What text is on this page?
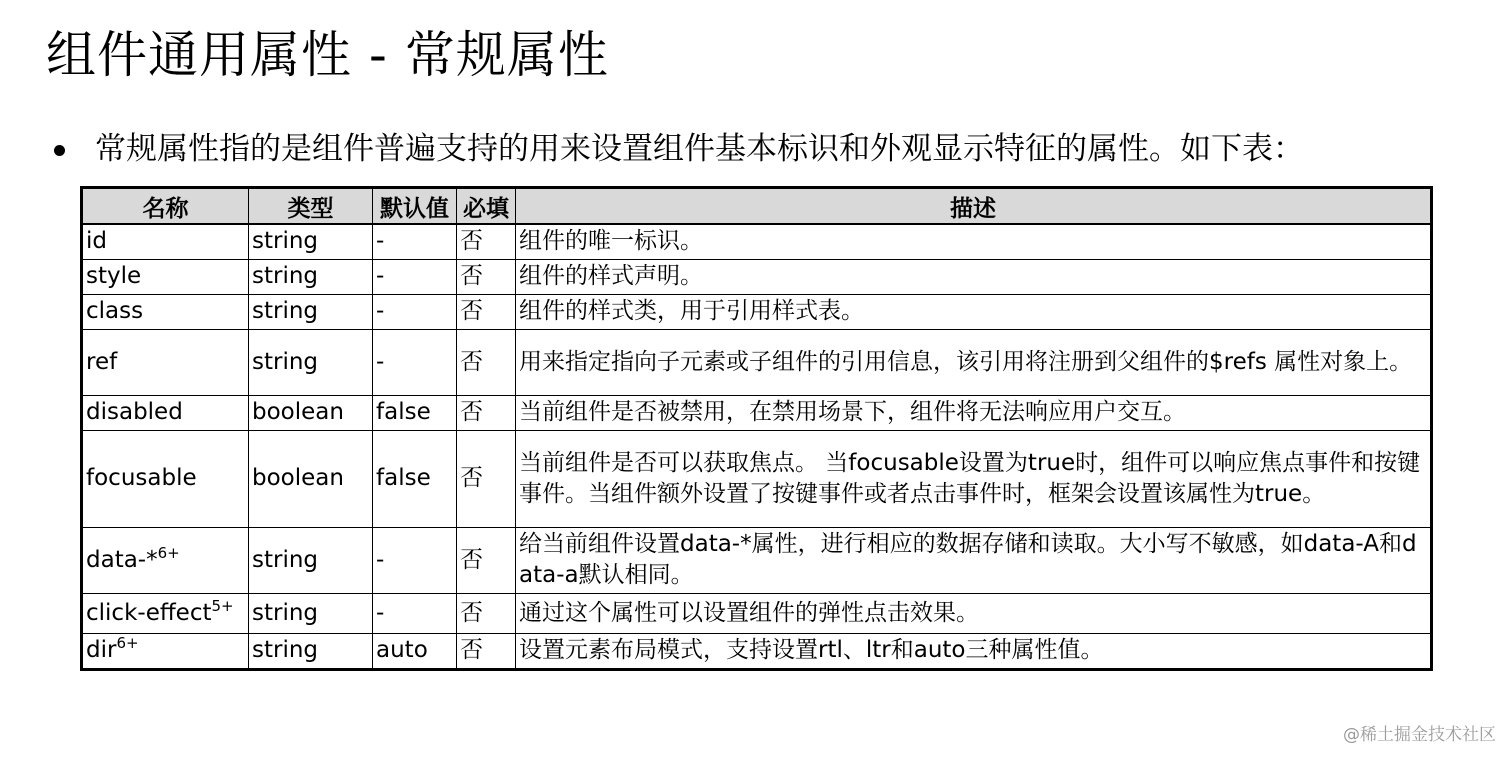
组件通用属性 - 常规属性
常规属性指的是组件普遍支持的用来设置组件基本标识和外观显示特征的属性。如下表：
名称	类型	默认值	必填	描述
id	string	-	否	组件的唯一标识。
style	string	-	否	组件的样式声明。
class	string	-	否	组件的样式类，用于引用样式表。
ref	string	-	否	用来指定指向子元素或子组件的引用信息，该引用将注册到父组件的$refs 属性对象上。
disabled	boolean	false	否	当前组件是否被禁用，在禁用场景下，组件将无法响应用户交互。
focusable	boolean	false	否	当前组件是否可以获取焦点。 当focusable设置为true时，组件可以响应焦点事件和按键事件。当组件额外设置了按键事件或者点击事件时，框架会设置该属性为true。
data-*$^{6+}$	string	-	否	给当前组件设置data-*属性，进行相应的数据存储和读取。大小写不敏感，如data-A和data-a默认相同。
click-effect$^{5+}$	string	-	否	通过这个属性可以设置组件的弹性点击效果。
dir$^{6+}$	string	auto	否	设置元素布局模式，支持设置rtl、ltr和auto三种属性值。
@稀土掘金技术社区
